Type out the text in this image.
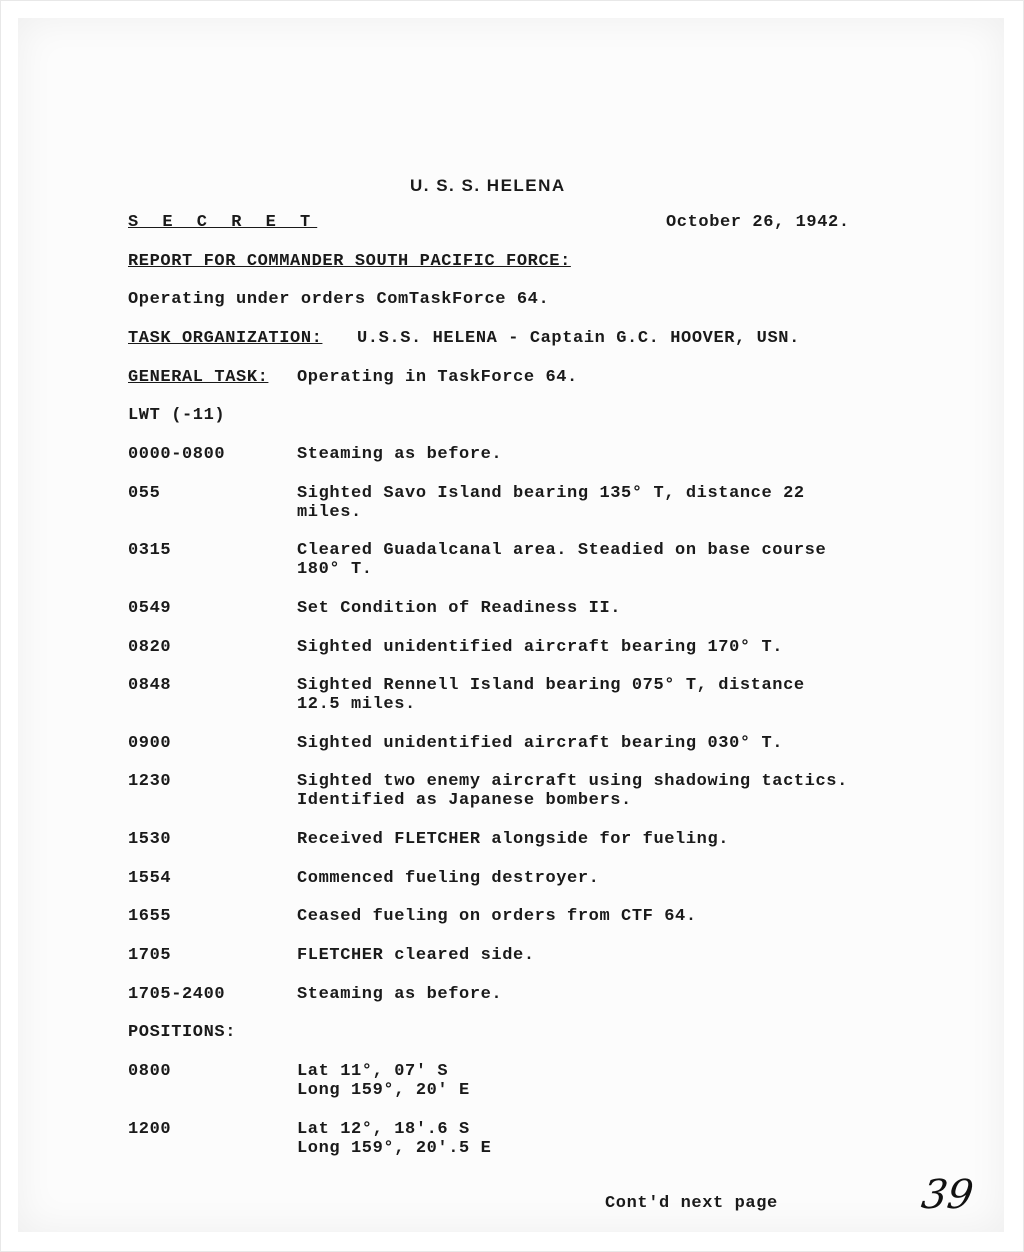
U. S. S. HELENA
S E C R E T	October 26, 1942.
REPORT FOR COMMANDER SOUTH PACIFIC FORCE:
Operating under orders ComTaskForce 64.
TASK ORGANIZATION: U.S.S. HELENA - Captain G.C. HOOVER, USN.
GENERAL TASK: Operating in TaskForce 64.
LWT (-11)
0000-0800	Steaming as before.
055	Sighted Savo Island bearing 135° T, distance 22
miles.
0315	Cleared Guadalcanal area. Steadied on base course
180° T.
0549	Set Condition of Readiness II.
0820	Sighted unidentified aircraft bearing 170° T.
0848	Sighted Rennell Island bearing 075° T, distance
12.5 miles.
0900	Sighted unidentified aircraft bearing 030° T.
1230	Sighted two enemy aircraft using shadowing tactics.
Identified as Japanese bombers.
1530	Received FLETCHER alongside for fueling.
1554	Commenced fueling destroyer.
1655	Ceased fueling on orders from CTF 64.
1705	FLETCHER cleared side.
1705-2400	Steaming as before.
POSITIONS:
0800	Lat 11°, 07' S
Long 159°, 20' E
1200	Lat 12°, 18'.6 S
Long 159°, 20'.5 E
Cont'd next page	39
